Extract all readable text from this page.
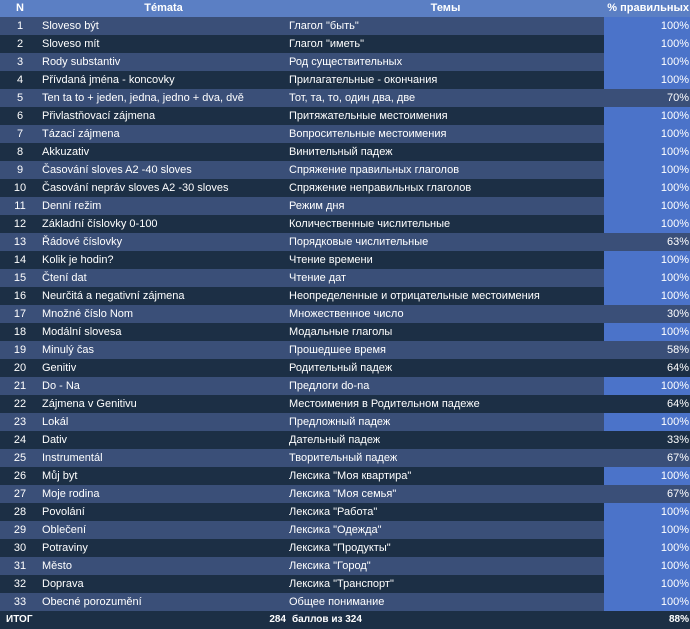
N	Témata	Темы	% правильных
1	Sloveso být	Глагол "быть"	100%
2	Sloveso mít	Глагол "иметь"	100%
3	Rody substantiv	Род существительных	100%
4	Přívdaná jména - koncovky	Прилагательные - окончания	100%
5	Ten ta to + jeden, jedna, jedno + dva, dvě	Тот, та, то, один два, две	70%
6	Přivlastňovací zájmena	Притяжательные местоимения	100%
7	Tázací zájmena	Вопросительные местоимения	100%
8	Akkuzativ	Винительный падеж	100%
9	Časování sloves A2 -40 sloves	Спряжение правильных глаголов	100%
10	Časování nepráv sloves A2 -30 sloves	Спряжение неправильных глаголов	100%
11	Denní režim	Режим дня	100%
12	Základní číslovky 0-100	Количественные числительные	100%
13	Řádové číslovky	Порядковые числительные	63%
14	Kolik je hodin?	Чтение времени	100%
15	Čtení dat	Чтение дат	100%
16	Neurčitá a negativní zájmena	Неопределенные и отрицательные местоимения	100%
17	Množné číslo Nom	Множественное число	30%
18	Modální slovesa	Модальные глаголы	100%
19	Minulý čas	Прошедшее время	58%
20	Genitiv	Родительный падеж	64%
21	Do - Na	Предлоги do-na	100%
22	Zájmena v Genitivu	Местоимения в Родительном падеже	64%
23	Lokál	Предложный падеж	100%
24	Dativ	Дательный падеж	33%
25	Instrumentál	Творительный падеж	67%
26	Můj byt	Лексика "Моя квартира"	100%
27	Moje rodina	Лексика "Моя семья"	67%
28	Povolání	Лексика "Работа"	100%
29	Oblečení	Лексика "Одежда"	100%
30	Potraviny	Лексика "Продукты"	100%
31	Město	Лексика "Город"	100%
32	Doprava	Лексика "Транспорт"	100%
33	Obecné porozumění	Общее понимание	100%
ИТОГ	284 баллов из 324	88%
